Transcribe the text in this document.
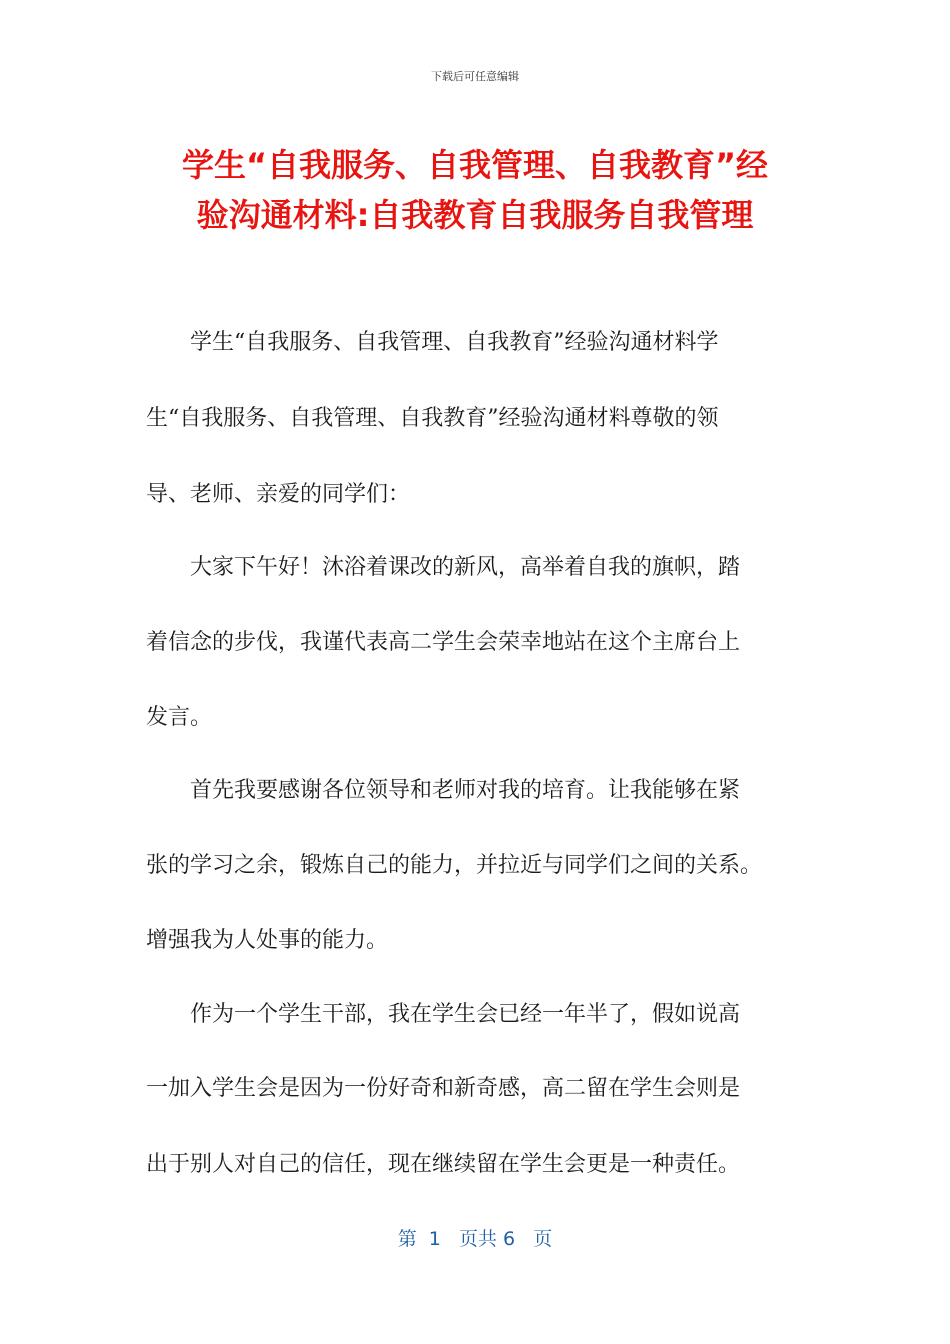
下载后可任意编辑
学生“自我服务、自我管理、自我教育”经
验沟通材料:自我教育自我服务自我管理
　　学生“自我服务、自我管理、自我教育”经验沟通材料学
生“自我服务、自我管理、自我教育”经验沟通材料尊敬的领
导、老师、亲爱的同学们：
　　大家下午好！沐浴着课改的新风，高举着自我的旗帜，踏
着信念的步伐，我谨代表高二学生会荣幸地站在这个主席台上
发言。
　　首先我要感谢各位领导和老师对我的培育。让我能够在紧
张的学习之余，锻炼自己的能力，并拉近与同学们之间的关系。
增强我为人处事的能力。
　　作为一个学生干部，我在学生会已经一年半了，假如说高
一加入学生会是因为一份好奇和新奇感，高二留在学生会则是
出于别人对自己的信任，现在继续留在学生会更是一种责任。
第  1   页共 6   页
